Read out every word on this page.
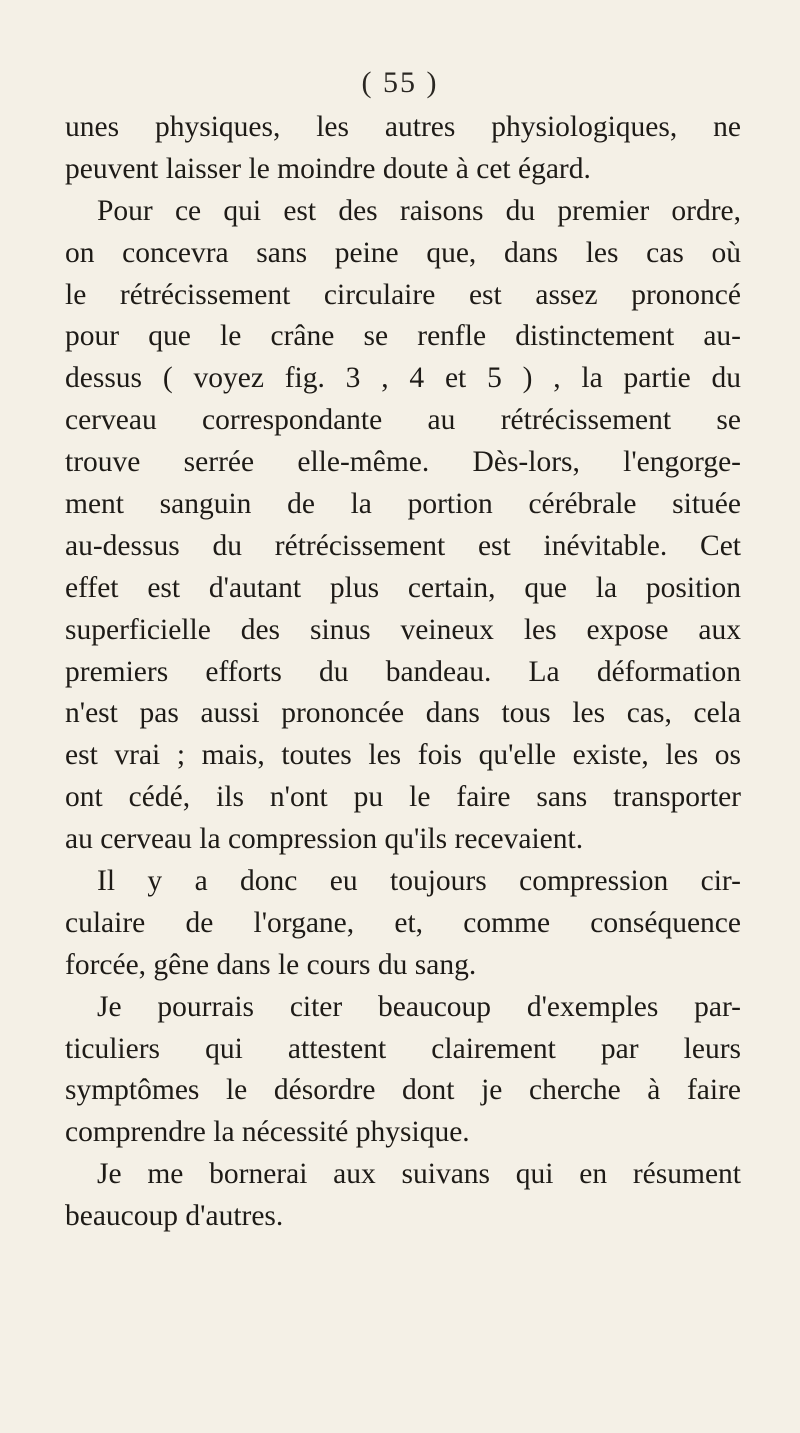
( 55 )
unes physiques, les autres physiologiques, ne
peuvent laisser le moindre doute à cet égard.
Pour ce qui est des raisons du premier ordre,
on concevra sans peine que, dans les cas où
le rétrécissement circulaire est assez prononcé
pour que le crâne se renfle distinctement au-
dessus ( voyez fig. 3 , 4 et 5 ) , la partie du
cerveau correspondante au rétrécissement se
trouve serrée elle-même. Dès-lors, l'engorge-
ment sanguin de la portion cérébrale située
au-dessus du rétrécissement est inévitable. Cet
effet est d'autant plus certain, que la position
superficielle des sinus veineux les expose aux
premiers efforts du bandeau. La déformation
n'est pas aussi prononcée dans tous les cas, cela
est vrai ; mais, toutes les fois qu'elle existe, les os
ont cédé, ils n'ont pu le faire sans transporter
au cerveau la compression qu'ils recevaient.
Il y a donc eu toujours compression cir-
culaire de l'organe, et, comme conséquence
forcée, gêne dans le cours du sang.
Je pourrais citer beaucoup d'exemples par-
ticuliers qui attestent clairement par leurs
symptômes le désordre dont je cherche à faire
comprendre la nécessité physique.
Je me bornerai aux suivans qui en résument
beaucoup d'autres.
